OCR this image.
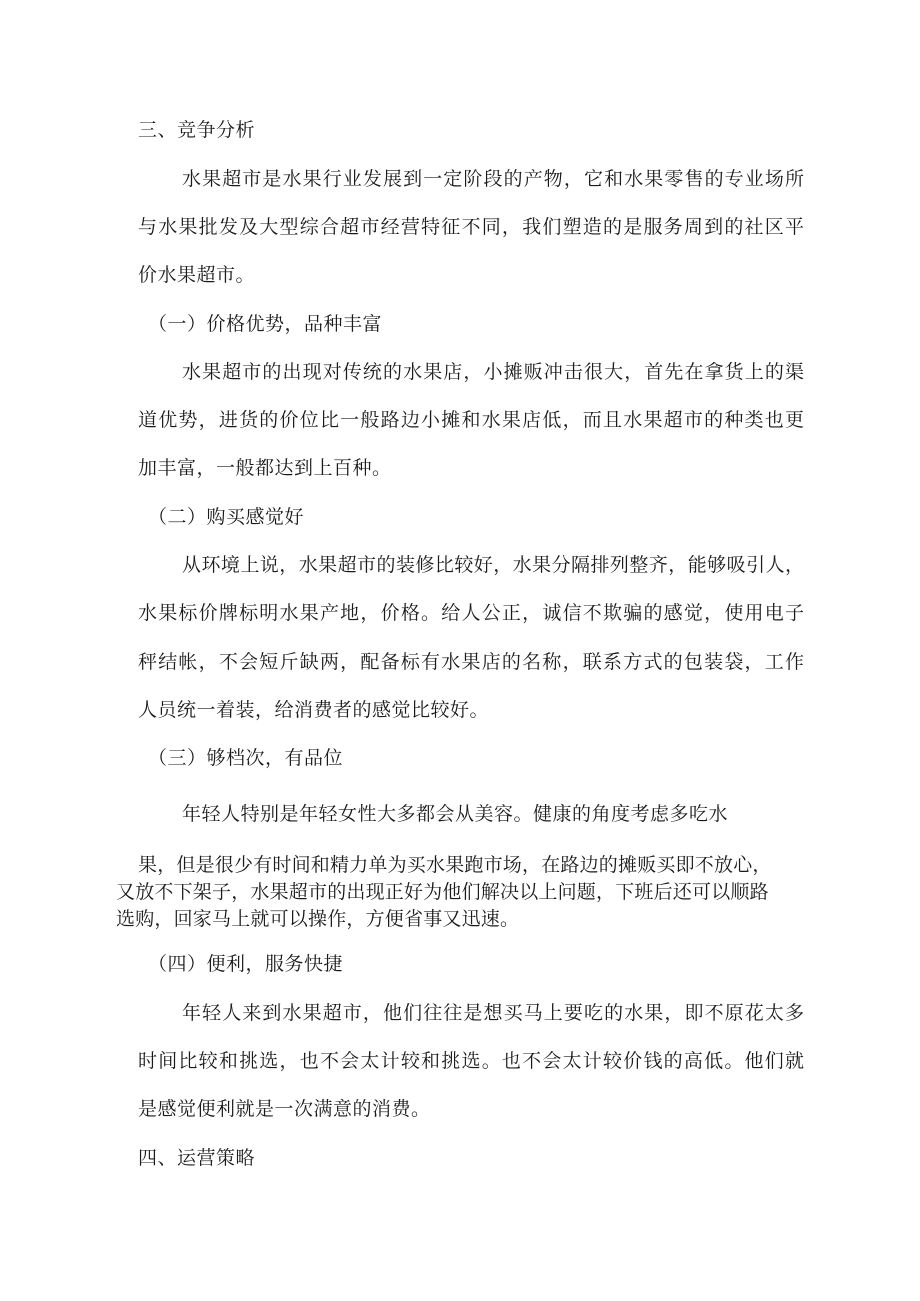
三、竞争分析
水果超市是水果行业发展到一定阶段的产物，它和水果零售的专业场所
与水果批发及大型综合超市经营特征不同，我们塑造的是服务周到的社区平
价水果超市。
（一）价格优势，品种丰富
水果超市的出现对传统的水果店，小摊贩冲击很大，首先在拿货上的渠
道优势，进货的价位比一般路边小摊和水果店低，而且水果超市的种类也更
加丰富，一般都达到上百种。
（二）购买感觉好
从环境上说，水果超市的装修比较好，水果分隔排列整齐，能够吸引人，
水果标价牌标明水果产地，价格。给人公正，诚信不欺骗的感觉，使用电子
秤结帐，不会短斤缺两，配备标有水果店的名称，联系方式的包装袋，工作
人员统一着装，给消费者的感觉比较好。
（三）够档次，有品位
年轻人特别是年轻女性大多都会从美容。健康的角度考虑多吃水
果，但是很少有时间和精力单为买水果跑市场，在路边的摊贩买即不放心，
又放不下架子，水果超市的出现正好为他们解决以上问题，下班后还可以顺路
选购，回家马上就可以操作，方便省事又迅速。
（四）便利，服务快捷
年轻人来到水果超市，他们往往是想买马上要吃的水果，即不原花太多
时间比较和挑选，也不会太计较和挑选。也不会太计较价钱的高低。他们就
是感觉便利就是一次满意的消费。
四、运营策略
